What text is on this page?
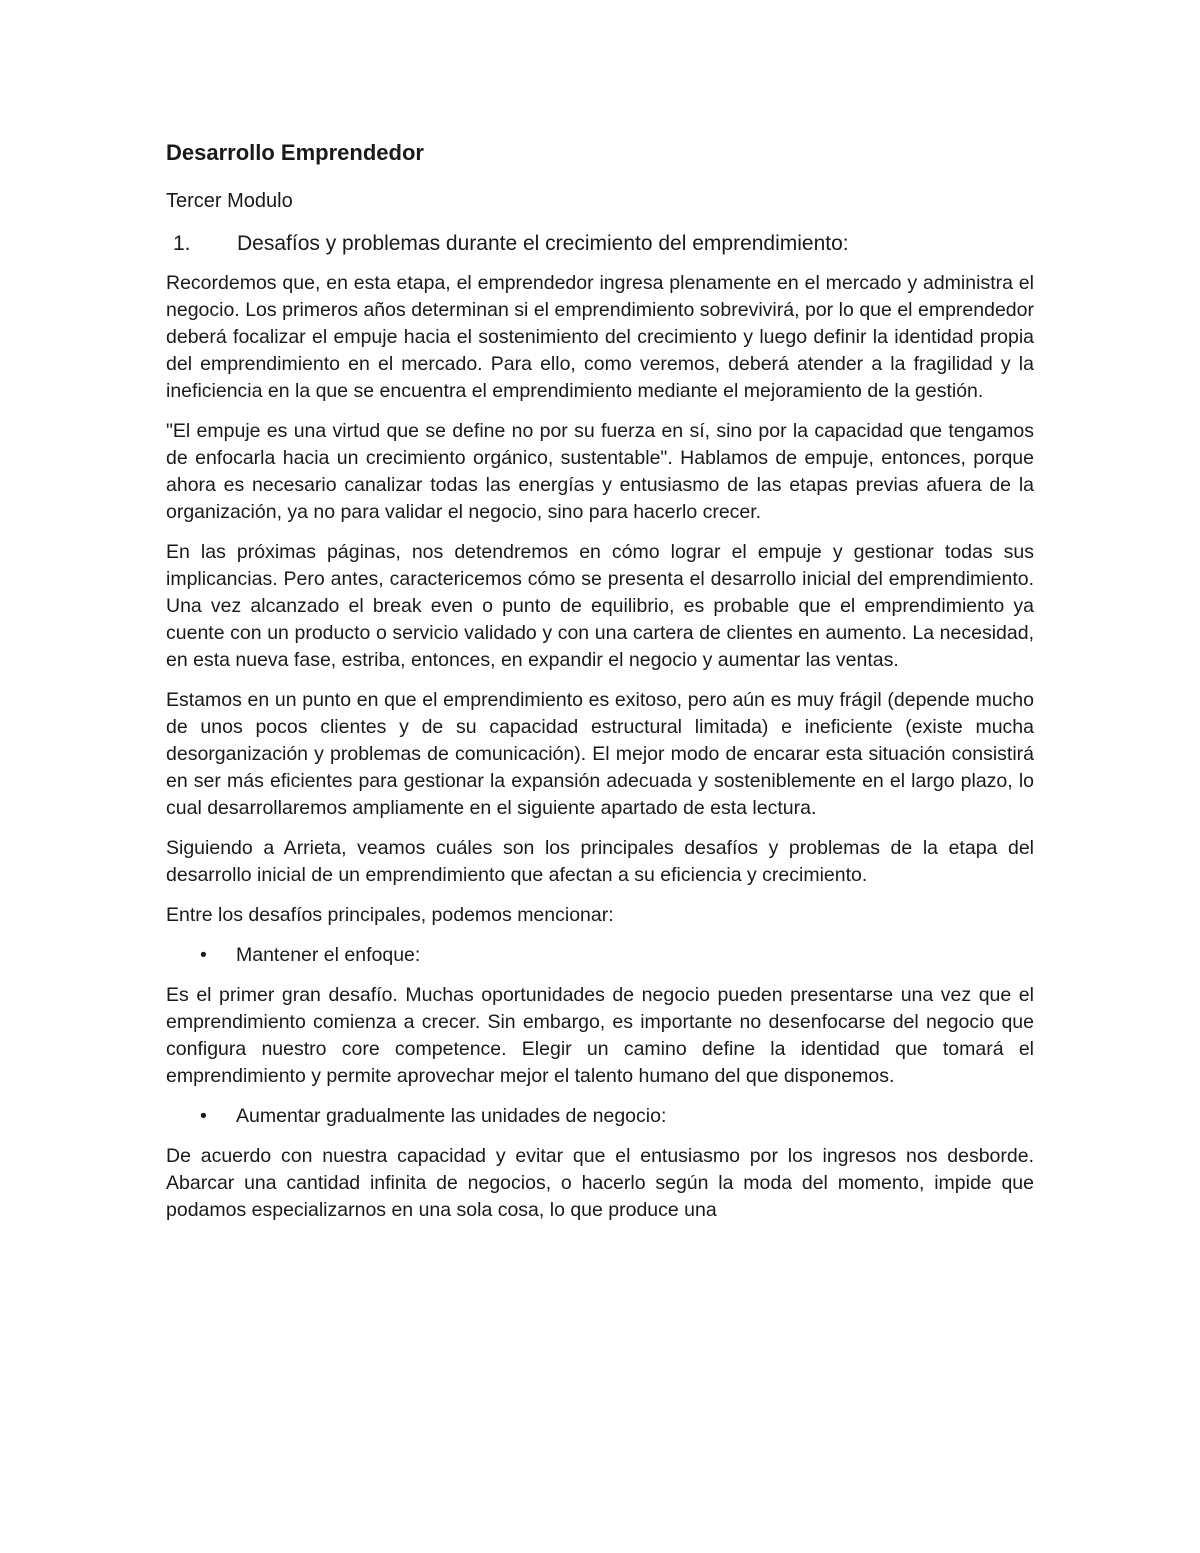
Desarrollo Emprendedor
Tercer Modulo
1. Desafíos y problemas durante el crecimiento del emprendimiento:

Recordemos que, en esta etapa, el emprendedor ingresa plenamente en el mercado y administra el negocio. Los primeros años determinan si el emprendimiento sobrevivirá, por lo que el emprendedor deberá focalizar el empuje hacia el sostenimiento del crecimiento y luego definir la identidad propia del emprendimiento en el mercado. Para ello, como veremos, deberá atender a la fragilidad y la ineficiencia en la que se encuentra el emprendimiento mediante el mejoramiento de la gestión.

"El empuje es una virtud que se define no por su fuerza en sí, sino por la capacidad que tengamos de enfocarla hacia un crecimiento orgánico, sustentable". Hablamos de empuje, entonces, porque ahora es necesario canalizar todas las energías y entusiasmo de las etapas previas afuera de la organización, ya no para validar el negocio, sino para hacerlo crecer.

En las próximas páginas, nos detendremos en cómo lograr el empuje y gestionar todas sus implicancias. Pero antes, caractericemos cómo se presenta el desarrollo inicial del emprendimiento. Una vez alcanzado el break even o punto de equilibrio, es probable que el emprendimiento ya cuente con un producto o servicio validado y con una cartera de clientes en aumento. La necesidad, en esta nueva fase, estriba, entonces, en expandir el negocio y aumentar las ventas.

Estamos en un punto en que el emprendimiento es exitoso, pero aún es muy frágil (depende mucho de unos pocos clientes y de su capacidad estructural limitada) e ineficiente (existe mucha desorganización y problemas de comunicación). El mejor modo de encarar esta situación consistirá en ser más eficientes para gestionar la expansión adecuada y sosteniblemente en el largo plazo, lo cual desarrollaremos ampliamente en el siguiente apartado de esta lectura.

Siguiendo a Arrieta, veamos cuáles son los principales desafíos y problemas de la etapa del desarrollo inicial de un emprendimiento que afectan a su eficiencia y crecimiento.

Entre los desafíos principales, podemos mencionar:

• Mantener el enfoque:

Es el primer gran desafío. Muchas oportunidades de negocio pueden presentarse una vez que el emprendimiento comienza a crecer. Sin embargo, es importante no desenfocarse del negocio que configura nuestro core competence. Elegir un camino define la identidad que tomará el emprendimiento y permite aprovechar mejor el talento humano del que disponemos.

• Aumentar gradualmente las unidades de negocio:

De acuerdo con nuestra capacidad y evitar que el entusiasmo por los ingresos nos desborde. Abarcar una cantidad infinita de negocios, o hacerlo según la moda del momento, impide que podamos especializarnos en una sola cosa, lo que produce una
